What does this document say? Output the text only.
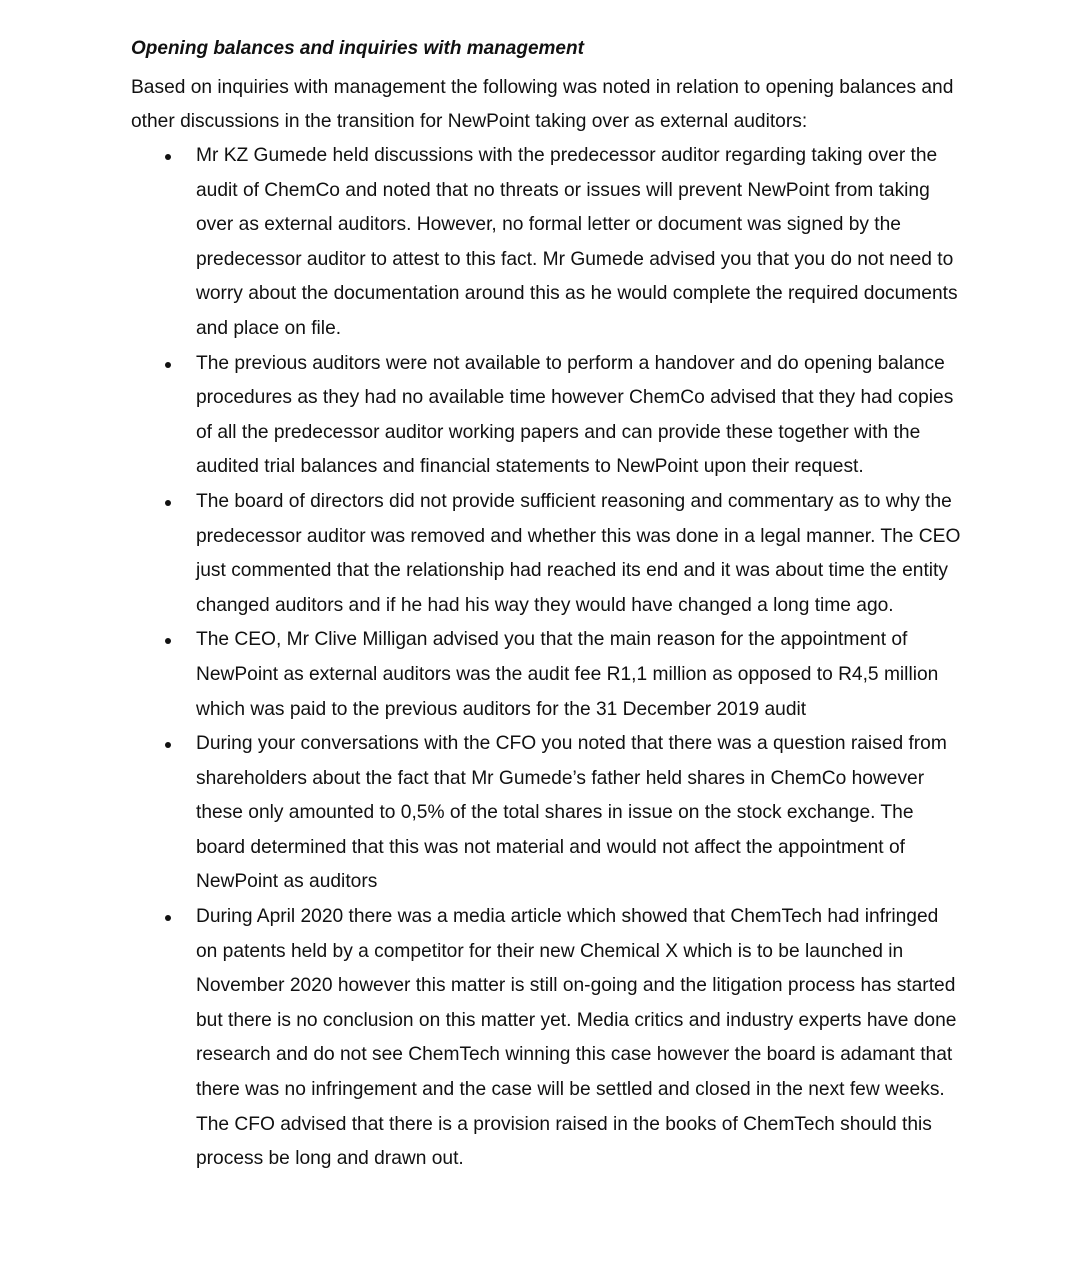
Opening balances and inquiries with management

Based on inquiries with management the following was noted in relation to opening balances and other discussions in the transition for NewPoint taking over as external auditors:

Mr KZ Gumede held discussions with the predecessor auditor regarding taking over the audit of ChemCo and noted that no threats or issues will prevent NewPoint from taking over as external auditors. However, no formal letter or document was signed by the predecessor auditor to attest to this fact. Mr Gumede advised you that you do not need to worry about the documentation around this as he would complete the required documents and place on file.
The previous auditors were not available to perform a handover and do opening balance procedures as they had no available time however ChemCo advised that they had copies of all the predecessor auditor working papers and can provide these together with the audited trial balances and financial statements to NewPoint upon their request.
The board of directors did not provide sufficient reasoning and commentary as to why the predecessor auditor was removed and whether this was done in a legal manner. The CEO just commented that the relationship had reached its end and it was about time the entity changed auditors and if he had his way they would have changed a long time ago.
The CEO, Mr Clive Milligan advised you that the main reason for the appointment of NewPoint as external auditors was the audit fee R1,1 million as opposed to R4,5 million which was paid to the previous auditors for the 31 December 2019 audit
During your conversations with the CFO you noted that there was a question raised from shareholders about the fact that Mr Gumede’s father held shares in ChemCo however these only amounted to 0,5% of the total shares in issue on the stock exchange. The board determined that this was not material and would not affect the appointment of NewPoint as auditors
During April 2020 there was a media article which showed that ChemTech had infringed on patents held by a competitor for their new Chemical X which is to be launched in November 2020 however this matter is still on-going and the litigation process has started but there is no conclusion on this matter yet. Media critics and industry experts have done research and do not see ChemTech winning this case however the board is adamant that there was no infringement and the case will be settled and closed in the next few weeks. The CFO advised that there is a provision raised in the books of ChemTech should this process be long and drawn out.
